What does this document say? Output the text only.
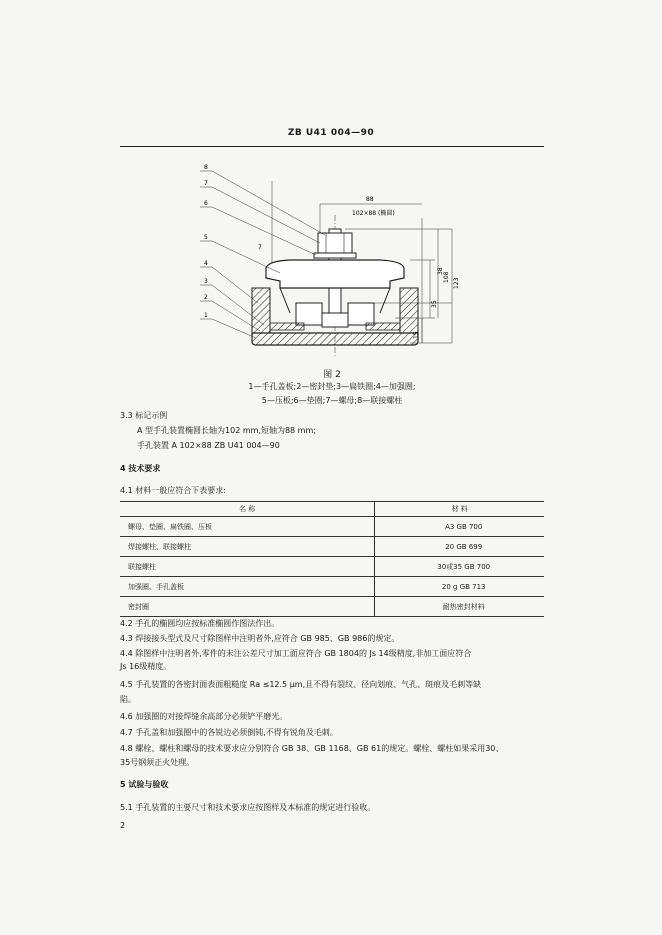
ZB U41 004—90
8
7
6
5
4
3
2
1
88
102×88 (椭圆)
7
38
108
123
35
15
图 2
1—手孔盖板;2—密封垫;3—扁铁圈;4—加强圈;
5—压板;6—垫圈;7—螺母;8—联接螺柱
3.3 标记示例
A 型手孔装置椭圆长轴为102 mm,短轴为88 mm;
手孔装置 A 102×88 ZB U41 004—90
4 技术要求
4.1 材料一般应符合下表要求:
名 称	材 料
螺母、垫圈、扁铁圈、压板	A3 GB 700
焊接螺柱、联接螺柱	20 GB 699
联接螺柱	30或35 GB 700
加强圈、手孔盖板	20 g GB 713
密封圈	耐热密封材料
4.2 手孔的椭圆均应按标准椭圆作图法作出。
4.3 焊接接头型式及尺寸除图样中注明者外,应符合 GB 985、GB 986的规定。
4.4 除图样中注明者外,零件的未注公差尺寸加工面应符合 GB 1804的 Js 14级精度,非加工面应符合
Js 16级精度。
4.5 手孔装置的各密封面表面粗糙度 Ra ≤12.5 μm,且不得有裂纹、径向划痕、气孔、斑痕及毛刺等缺
陷。
4.6 加强圈的对接焊缝余高部分必须铲平磨光。
4.7 手孔盖和加强圈中的各锐边必须倒钝,不得有锐角及毛刺。
4.8 螺栓、螺柱和螺母的技术要求应分别符合 GB 38、GB 1168、GB 61的规定。螺栓、螺柱如果采用30、
35号钢须正火处理。
5 试验与验收
5.1 手孔装置的主要尺寸和技术要求应按图样及本标准的规定进行验收。
2
